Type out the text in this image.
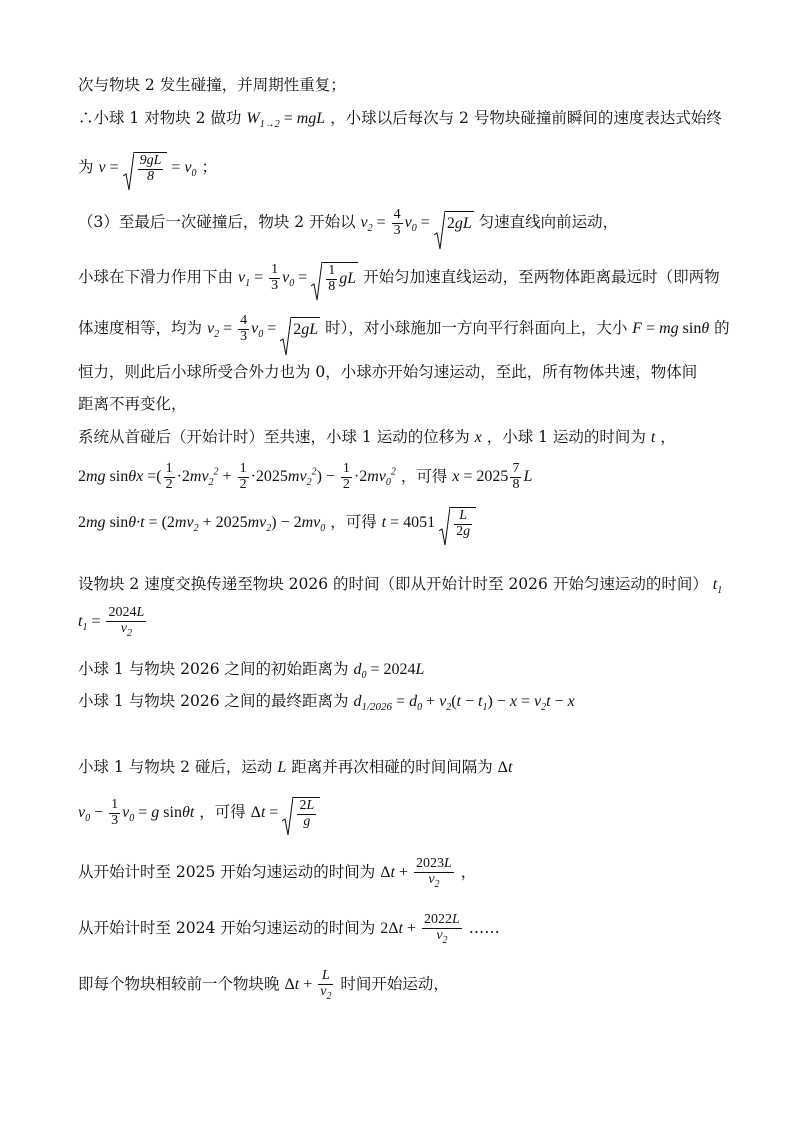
次与物块 2 发生碰撞，并周期性重复；
∴小球 1 对物块 2 做功 $W_{1\to 2}$ = mgL ，小球以后每次与 2 号物块碰撞前瞬间的速度表达式始终
为 $v = \frac{9gL}{8} = v_0$ ；
（3）至最后一次碰撞后，物块 2 开始以 $v_2 = \frac{4}{3} v_0 = 2gL$ 匀速直线向前运动，
小球在下滑力作用下由 $v_1 = \frac{1}{3} v_0 = \frac{1}{8}$ gL 开始匀加速直线运动，至两物体距离最远时（即两物
体速度相等，均为 $v_2 = \frac{4}{3} v_0 = 2gL$ 时），对小球施加一方向平行斜面向上，大小 F = mg sinθ 的
恒力，则此后小球所受合外力也为 0，小球亦开始匀速运动，至此，所有物体共速，物体间
距离不再变化，
系统从首碰后（开始计时）至共速，小球 1 运动的位移为 x ，小球 1 运动的时间为 t ，
2mg sinθx =( $\frac{1}{2} \cdot 2mv_2^2 + \frac{1}{2} \cdot 2025mv_2^2) - \frac{1}{2} \cdot 2mv_0^2$ ，可得 $x = 2025 \frac{7}{8}$ L
2mg $\sin\theta\cdot t = (2mv_2 + 2025mv_2) - 2mv_0$ ，可得 $t = 4051 \frac{L}{2g}$
设物块 2 速度交换传递至物块 2026 的时间（即从开始计时至 2026 开始匀速运动的时间） $t_1$
$t_1 = \frac{2024L}{v_2}$
小球 1 与物块 2026 之间的初始距离为 $d_0 = 2024L$
小球 1 与物块 2026 之间的最终距离为 $d_{1/2026} = d_0 + v_2(t - t_1) - x = v_2t - x$
小球 1 与物块 2 碰后，运动 L 距离并再次相碰的时间间隔为 Δt
$v_0 - \frac{1}{3} v_0 = g$ sinθt ，可得 $\Delta t = \frac{2L}{g}$
从开始计时至 2025 开始匀速运动的时间为 $\Delta t + \frac{2023L}{v_2}$ ，
从开始计时至 2024 开始匀速运动的时间为 $2\Delta t + \frac{2022L}{v_2}$ ……
即每个物块相较前一个物块晚 $\Delta t + \frac{L}{v_2}$ 时间开始运动，
